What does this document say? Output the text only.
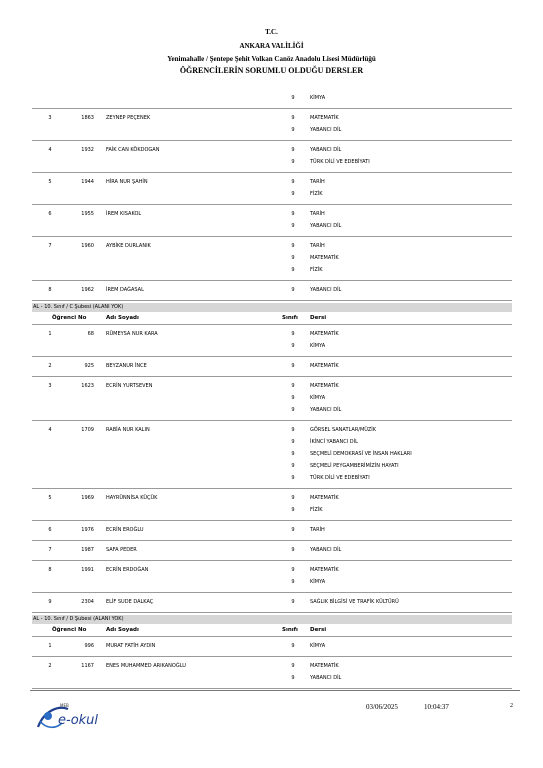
T.C.
ANKARA VALİLİĞİ
Yenimahalle / Şentepe Şehit Volkan Canöz Anadolu Lisesi Müdürlüğü
ÖĞRENCİLERİN SORUMLU OLDUĞU DERSLER
9	KİMYA
3	1863 ZEYNEP PEÇENEK	9	MATEMATİK
9	YABANCI DİL
4	1932 FAİK CAN KÖKDOGAN	9	YABANCI DİL
9	TÜRK DİLİ VE EDEBİYATI
5	1944 HİRA NUR ŞAHİN	9	TARİH
9	FİZİK
6	1955 İREM KISAKOL	9	TARİH
9	YABANCI DİL
7	1960 AYBİKE DURLANIK	9	TARİH
9	MATEMATİK
9	FİZİK
8	1962 İREM DAĞASAL	9	YABANCI DİL
AL - 10. Sınıf / C Şubesi (ALANI YOK)
Öğrenci No	Adı Soyadı	Sınıfı Dersi
1	68 RÜMEYSA NUR KARA	9	MATEMATİK
9	KİMYA
2	925 BEYZANUR İNCE	9	MATEMATİK
3	1623 ECRİN YURTSEVEN	9	MATEMATİK
9	KİMYA
9	YABANCI DİL
4	1709 RABİA NUR KALIN	9	GÖRSEL SANATLAR/MÜZİK
9	İKİNCİ YABANCI DİL
9	SEÇMELİ DEMOKRASİ VE İNSAN HAKLARI
9	SEÇMELİ PEYGAMBERİMİZİN HAYATI
9	TÜRK DİLİ VE EDEBİYATI
5	1969 HAYRÜNNİSA KÜÇÜK	9	MATEMATİK
9	FİZİK
6	1976 ECRİN EROĞLU	9	TARİH
7	1987 SAFA PEDER	9	YABANCI DİL
8	1991 ECRİN ERDOĞAN	9	MATEMATİK
9	KİMYA
9	2304 ELİF SUDE DALKAÇ	9	SAĞLIK BİLGİSİ VE TRAFİK KÜLTÜRÜ
AL - 10. Sınıf / D Şubesi (ALANI YOK)
Öğrenci No	Adı Soyadı	Sınıfı Dersi
1	996 MURAT FATİH AYDIN	9	KİMYA
2	1167 ENES MUHAMMED ARIKANOĞLU	9	MATEMATİK
9	YABANCI DİL
MEB
e-okul
03/06/2025	10:04:37	2
